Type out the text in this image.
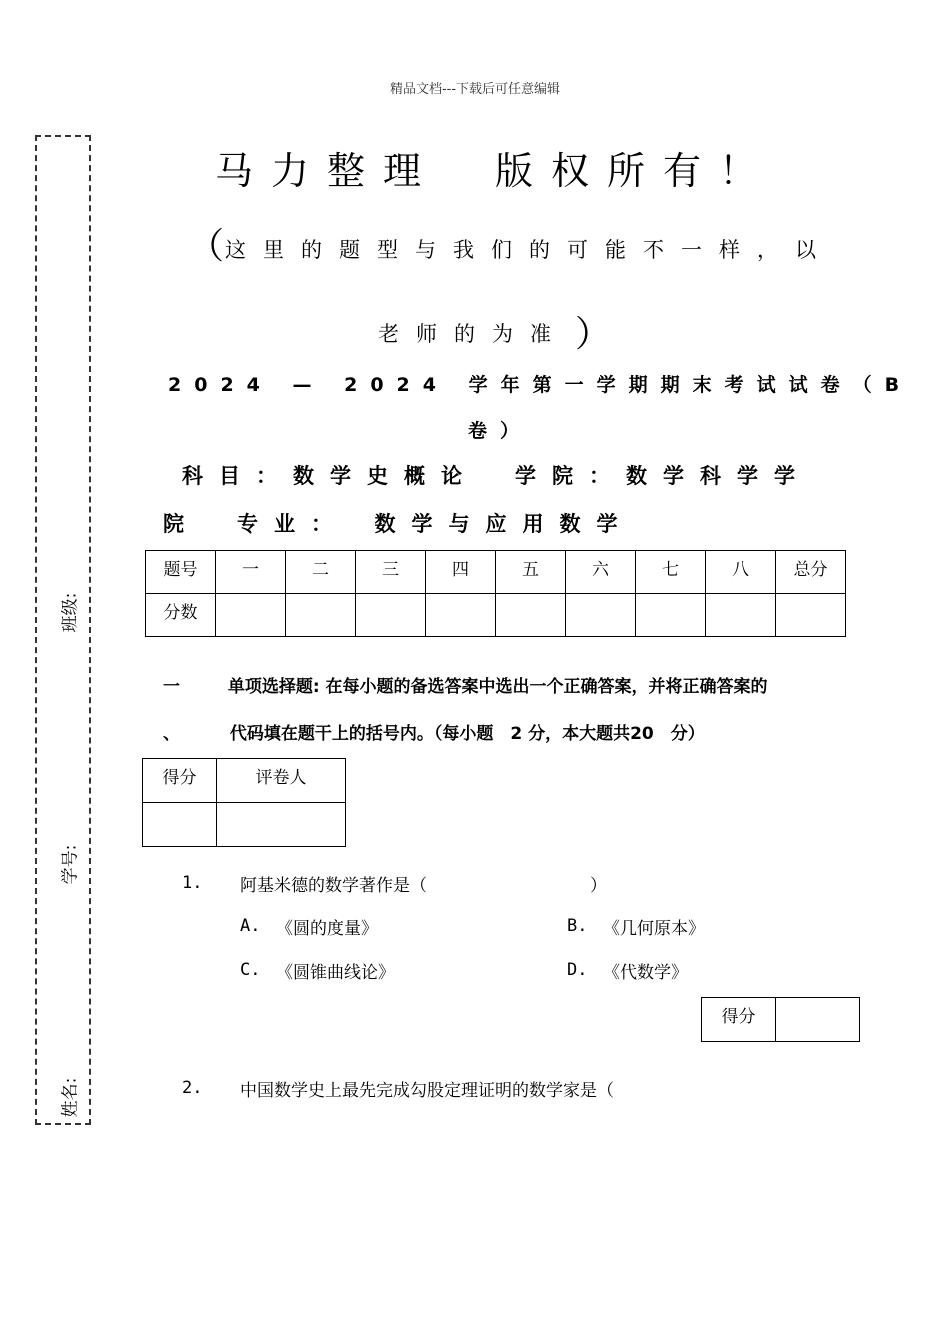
精品文档---下载后可任意编辑
班级:
学号:
姓名:
马力整理　版权所有！
（ 这里的题型与我们的可能不一样，以
老师的为准 ）
2024 — 2024 学年第一学期期末考试试卷（B
卷）
科目：数学史概论　学院：数学科学学
院　专业：　数学与应用数学
题号	一	二	三	四	五	六	七	八	总分
分数									
一	单项选择题: 在每小题的备选答案中选出一个正确答案，并将正确答案的
、	代码填在题干上的括号内。（每小题　2 分，本大题共20　分）
得分	评卷人

1. 阿基米德的数学著作是（	）
A. 《圆的度量》	B. 《几何原本》
C. 《圆锥曲线论》	D. 《代数学》
得分	
2. 中国数学史上最先完成勾股定理证明的数学家是（
